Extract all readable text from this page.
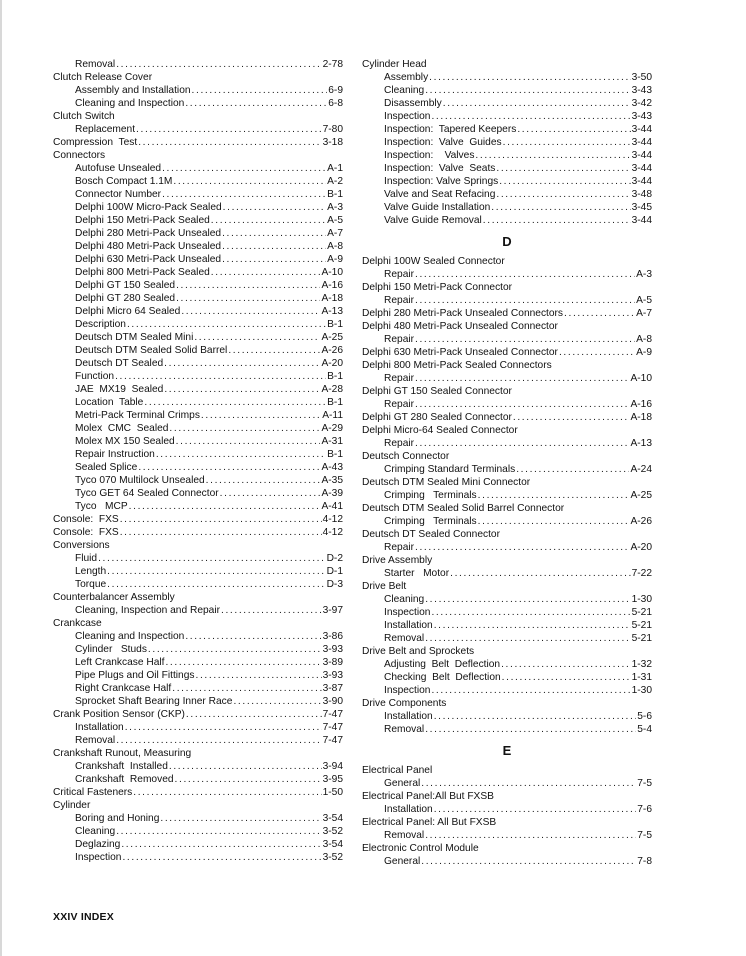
Removal . . .	2-78
Clutch Release Cover
Assembly and Installation . . .	6-9
Cleaning and Inspection . . .	6-8
Clutch Switch
Replacement . . .	7-80
Compression  Test . . .	3-18
Connectors
Autofuse Unsealed . . .	A-1
Bosch Compact 1.1M . . .	A-2
Connector Number . . .	B-1
Delphi 100W Micro-Pack Sealed . . .	A-3
Delphi 150 Metri-Pack Sealed . . .	A-5
Delphi 280 Metri-Pack Unsealed . . .	A-7
Delphi 480 Metri-Pack Unsealed . . .	A-8
Delphi 630 Metri-Pack Unsealed . . .	A-9
Delphi 800 Metri-Pack Sealed . . .	A-10
Delphi GT 150 Sealed . . .	A-16
Delphi GT 280 Sealed . . .	A-18
Delphi Micro 64 Sealed . . .	A-13
Description . . .	B-1
Deutsch DTM Sealed Mini . . .	A-25
Deutsch DTM Sealed Solid Barrel . . .	A-26
Deutsch DT Sealed . . .	A-20
Function . . .	B-1
JAE  MX19  Sealed . . .	A-28
Location  Table . . .	B-1
Metri-Pack Terminal Crimps . . .	A-11
Molex  CMC  Sealed . . .	A-29
Molex MX 150 Sealed . . .	A-31
Repair Instruction . . .	B-1
Sealed Splice . . .	A-43
Tyco 070 Multilock Unsealed . . .	A-35
Tyco GET 64 Sealed Connector . . .	A-39
Tyco   MCP . . .	A-41
Console:  FXS . . .	4-12
Console:  FXS . . .	4-12
Conversions
Fluid . . .	D-2
Length . . .	D-1
Torque . . .	D-3
Counterbalancer Assembly
Cleaning, Inspection and Repair . . .	3-97
Crankcase
Cleaning and Inspection . . .	3-86
Cylinder   Studs . . .	3-93
Left Crankcase Half . . .	3-89
Pipe Plugs and Oil Fittings . . .	3-93
Right Crankcase Half . . .	3-87
Sprocket Shaft Bearing Inner Race . . .	3-90
Crank Position Sensor (CKP) . . .	7-47
Installation . . .	7-47
Removal . . .	7-47
Crankshaft Runout, Measuring
Crankshaft  Installed . . .	3-94
Crankshaft  Removed . . .	3-95
Critical Fasteners . . .	1-50
Cylinder
Boring and Honing . . .	3-54
Cleaning . . .	3-52
Deglazing . . .	3-54
Inspection . . .	3-52
Cylinder Head
Assembly . . .	3-50
Cleaning . . .	3-43
Disassembly . . .	3-42
Inspection . . .	3-43
Inspection:  Tapered Keepers . . .	3-44
Inspection:  Valve  Guides . . .	3-44
Inspection:    Valves . . .	3-44
Inspection:  Valve  Seats . . .	3-44
Inspection: Valve Springs . . .	3-44
Valve and Seat Refacing . . .	3-48
Valve Guide Installation . . .	3-45
Valve Guide Removal . . .	3-44
D
Delphi 100W Sealed Connector
Repair . . .	A-3
Delphi 150 Metri-Pack Connector
Repair . . .	A-5
Delphi 280 Metri-Pack Unsealed Connectors . . .	A-7
Delphi 480 Metri-Pack Unsealed Connector
Repair . . .	A-8
Delphi 630 Metri-Pack Unsealed Connector . . .	A-9
Delphi 800 Metri-Pack Sealed Connectors
Repair . . .	A-10
Delphi GT 150 Sealed Connector
Repair . . .	A-16
Delphi GT 280 Sealed Connector . . .	A-18
Delphi Micro-64 Sealed Connector
Repair . . .	A-13
Deutsch Connector
Crimping Standard Terminals . . .	A-24
Deutsch DTM Sealed Mini Connector
Crimping   Terminals . . .	A-25
Deutsch DTM Sealed Solid Barrel Connector
Crimping   Terminals . . .	A-26
Deutsch DT Sealed Connector
Repair . . .	A-20
Drive Assembly
Starter   Motor . . .	7-22
Drive Belt
Cleaning . . .	1-30
Inspection . . .	5-21
Installation . . .	5-21
Removal . . .	5-21
Drive Belt and Sprockets
Adjusting  Belt  Deflection . . .	1-32
Checking  Belt  Deflection . . .	1-31
Inspection . . .	1-30
Drive Components
Installation . . .	5-6
Removal . . .	5-4
E
Electrical Panel
General . . .	7-5
Electrical Panel:All But FXSB
Installation . . .	7-6
Electrical Panel: All But FXSB
Removal . . .	7-5
Electronic Control Module
General . . .	7-8
XXIV INDEX
